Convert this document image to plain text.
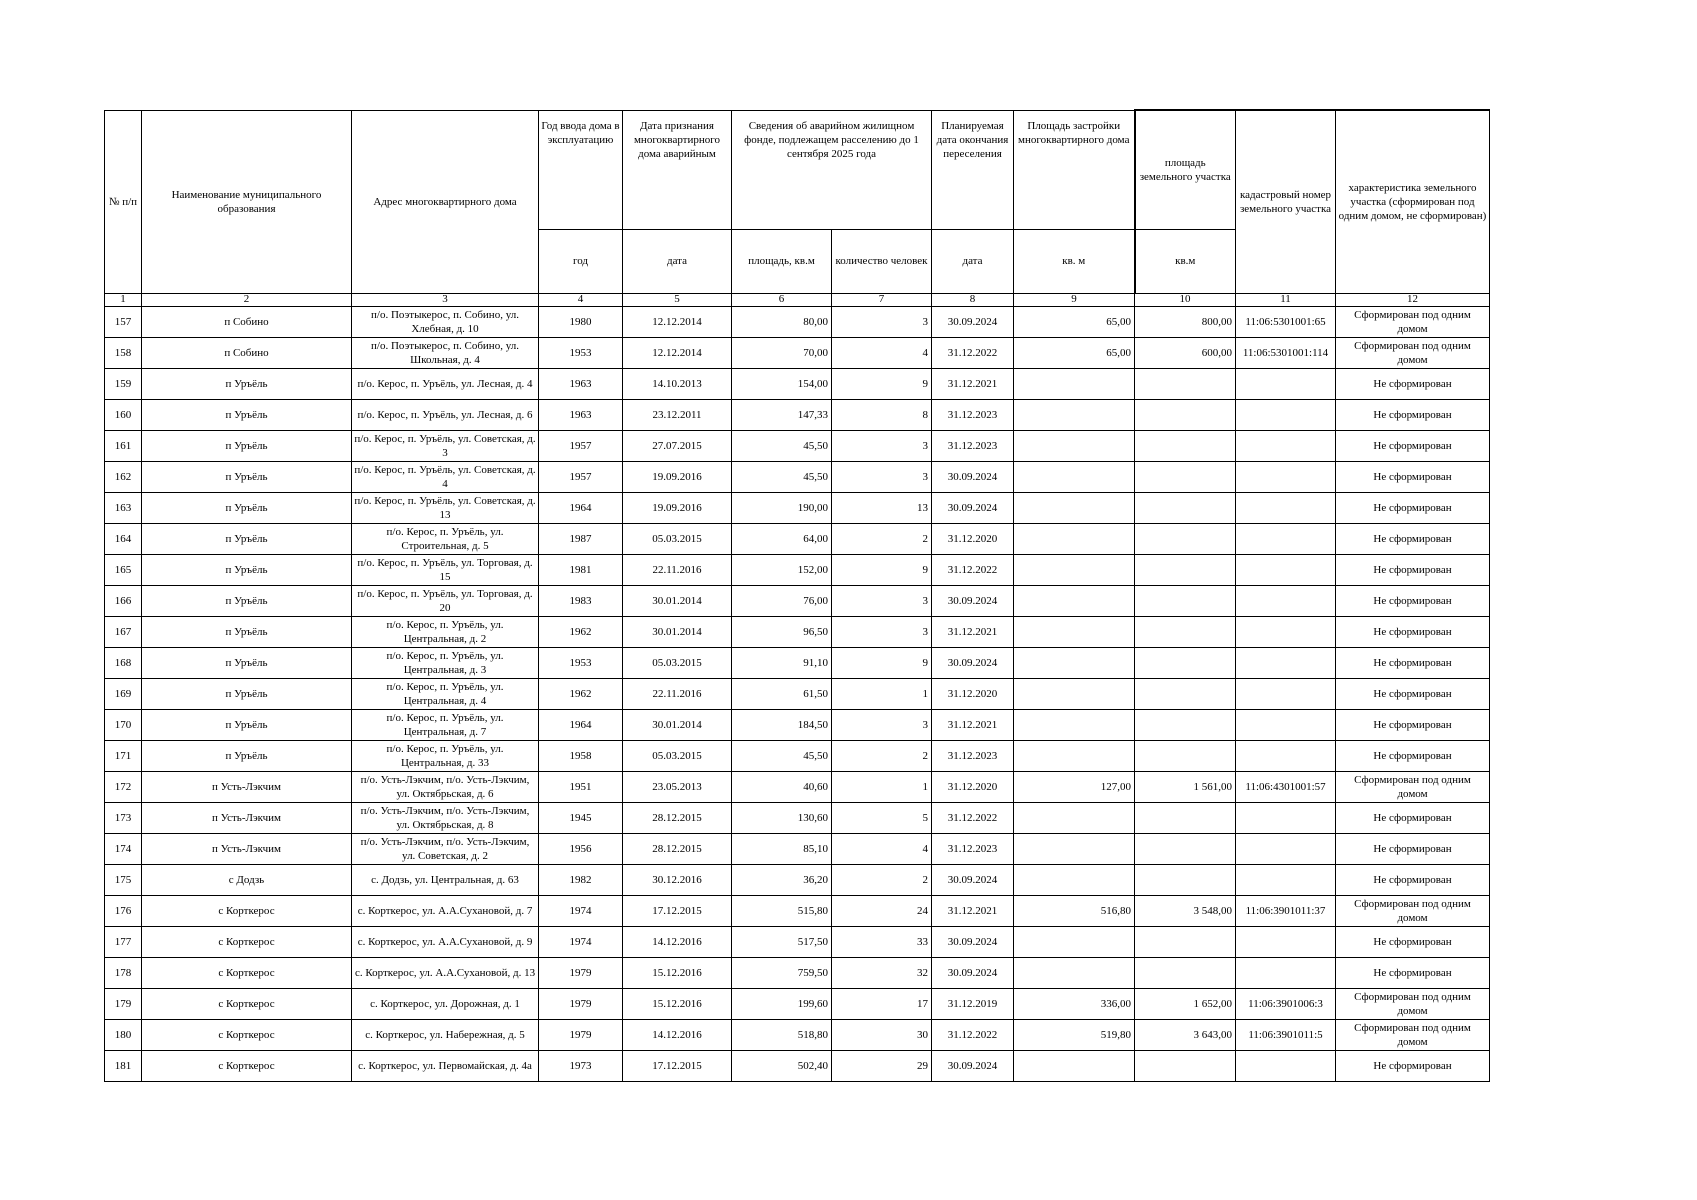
№ п/п	Наименование муниципального образования	Адрес многоквартирного дома	Год ввода дома в эксплуатацию	Дата признания многоквартирного дома аварийным	Сведения об аварийном жилищном фонде, подлежащем расселению до 1 сентября 2025 года		Планируемая дата окончания переселения	Площадь застройки многоквартирного дома	площадь земельного участка	кадастровый номер земельного участка	характеристика земельного участка (сформирован под одним домом, не сформирован)
			год	дата	площадь, кв.м	количество человек	дата	кв. м	кв.м		
1	2	3	4	5	6	7	8	9	10	11	12
157	п Собино	п/о. Поэтыкерос, п. Собино, ул. Хлебная, д. 10	1980	12.12.2014	80,00	3	30.09.2024	65,00	800,00	11:06:5301001:65	Сформирован под одним домом
158	п Собино	п/о. Поэтыкерос, п. Собино, ул. Школьная, д. 4	1953	12.12.2014	70,00	4	31.12.2022	65,00	600,00	11:06:5301001:114	Сформирован под одним домом
159	п Уръёль	п/о. Керос, п. Уръёль, ул. Лесная, д. 4	1963	14.10.2013	154,00	9	31.12.2021				Не сформирован
160	п Уръёль	п/о. Керос, п. Уръёль, ул. Лесная, д. 6	1963	23.12.2011	147,33	8	31.12.2023				Не сформирован
161	п Уръёль	п/о. Керос, п. Уръёль, ул. Советская, д. 3	1957	27.07.2015	45,50	3	31.12.2023				Не сформирован
162	п Уръёль	п/о. Керос, п. Уръёль, ул. Советская, д. 4	1957	19.09.2016	45,50	3	30.09.2024				Не сформирован
163	п Уръёль	п/о. Керос, п. Уръёль, ул. Советская, д. 13	1964	19.09.2016	190,00	13	30.09.2024				Не сформирован
164	п Уръёль	п/о. Керос, п. Уръёль, ул. Строительная, д. 5	1987	05.03.2015	64,00	2	31.12.2020				Не сформирован
165	п Уръёль	п/о. Керос, п. Уръёль, ул. Торговая, д. 15	1981	22.11.2016	152,00	9	31.12.2022				Не сформирован
166	п Уръёль	п/о. Керос, п. Уръёль, ул. Торговая, д. 20	1983	30.01.2014	76,00	3	30.09.2024				Не сформирован
167	п Уръёль	п/о. Керос, п. Уръёль, ул. Центральная, д. 2	1962	30.01.2014	96,50	3	31.12.2021				Не сформирован
168	п Уръёль	п/о. Керос, п. Уръёль, ул. Центральная, д. 3	1953	05.03.2015	91,10	9	30.09.2024				Не сформирован
169	п Уръёль	п/о. Керос, п. Уръёль, ул. Центральная, д. 4	1962	22.11.2016	61,50	1	31.12.2020				Не сформирован
170	п Уръёль	п/о. Керос, п. Уръёль, ул. Центральная, д. 7	1964	30.01.2014	184,50	3	31.12.2021				Не сформирован
171	п Уръёль	п/о. Керос, п. Уръёль, ул. Центральная, д. 33	1958	05.03.2015	45,50	2	31.12.2023				Не сформирован
172	п Усть-Лэкчим	п/о. Усть-Лэкчим, п/о. Усть-Лэкчим, ул. Октябрьская, д. 6	1951	23.05.2013	40,60	1	31.12.2020	127,00	1 561,00	11:06:4301001:57	Сформирован под одним домом
173	п Усть-Лэкчим	п/о. Усть-Лэкчим, п/о. Усть-Лэкчим, ул. Октябрьская, д. 8	1945	28.12.2015	130,60	5	31.12.2022				Не сформирован
174	п Усть-Лэкчим	п/о. Усть-Лэкчим, п/о. Усть-Лэкчим, ул. Советская, д. 2	1956	28.12.2015	85,10	4	31.12.2023				Не сформирован
175	с Додзь	с. Додзь, ул. Центральная, д. 63	1982	30.12.2016	36,20	2	30.09.2024				Не сформирован
176	с Корткерос	с. Корткерос, ул. А.А.Сухановой, д. 7	1974	17.12.2015	515,80	24	31.12.2021	516,80	3 548,00	11:06:3901011:37	Сформирован под одним домом
177	с Корткерос	с. Корткерос, ул. А.А.Сухановой, д. 9	1974	14.12.2016	517,50	33	30.09.2024				Не сформирован
178	с Корткерос	с. Корткерос, ул. А.А.Сухановой, д. 13	1979	15.12.2016	759,50	32	30.09.2024				Не сформирован
179	с Корткерос	с. Корткерос, ул. Дорожная, д. 1	1979	15.12.2016	199,60	17	31.12.2019	336,00	1 652,00	11:06:3901006:3	Сформирован под одним домом
180	с Корткерос	с. Корткерос, ул. Набережная, д. 5	1979	14.12.2016	518,80	30	31.12.2022	519,80	3 643,00	11:06:3901011:5	Сформирован под одним домом
181	с Корткерос	с. Корткерос, ул. Первомайская, д. 4а	1973	17.12.2015	502,40	29	30.09.2024				Не сформирован
